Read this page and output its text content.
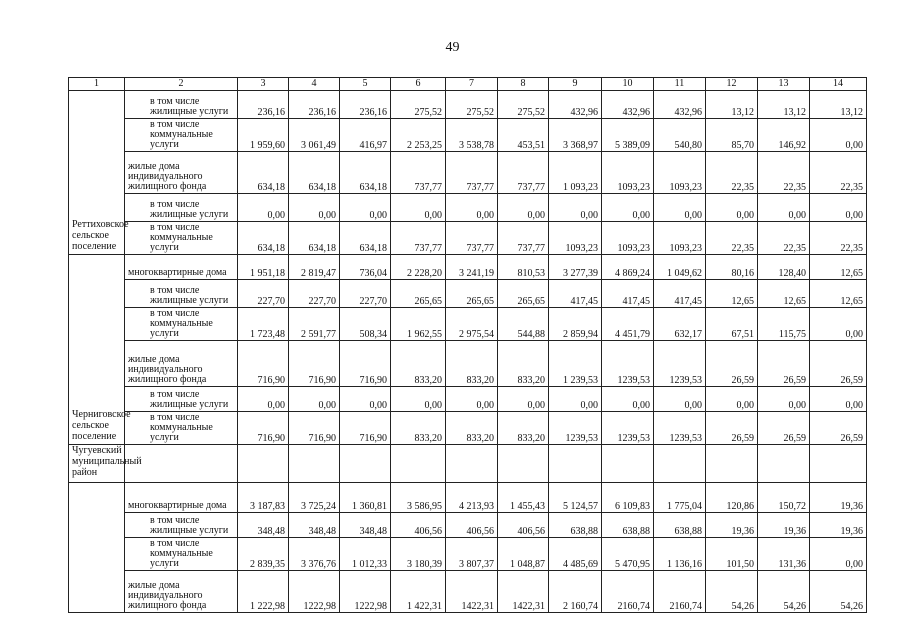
49
1	2	3	4	5	6	7	8	9	10	11	12	13	14
Реттиховское сельское поселение	в том числе жилищные услуги	236,16	236,16	236,16	275,52	275,52	275,52	432,96	432,96	432,96	13,12	13,12	13,12
	в том числе коммунальные услуги	1 959,60	3 061,49	416,97	2 253,25	3 538,78	453,51	3 368,97	5 389,09	540,80	85,70	146,92	0,00
	жилые дома индивидуального жилищного фонда	634,18	634,18	634,18	737,77	737,77	737,77	1 093,23	1093,23	1093,23	22,35	22,35	22,35
	в том числе жилищные услуги	0,00	0,00	0,00	0,00	0,00	0,00	0,00	0,00	0,00	0,00	0,00	0,00
	в том числе коммунальные услуги	634,18	634,18	634,18	737,77	737,77	737,77	1093,23	1093,23	1093,23	22,35	22,35	22,35
Черниговское сельское поселение	многоквартирные дома	1 951,18	2 819,47	736,04	2 228,20	3 241,19	810,53	3 277,39	4 869,24	1 049,62	80,16	128,40	12,65
	в том числе жилищные услуги	227,70	227,70	227,70	265,65	265,65	265,65	417,45	417,45	417,45	12,65	12,65	12,65
	в том числе коммунальные услуги	1 723,48	2 591,77	508,34	1 962,55	2 975,54	544,88	2 859,94	4 451,79	632,17	67,51	115,75	0,00
	жилые дома индивидуального жилищного фонда	716,90	716,90	716,90	833,20	833,20	833,20	1 239,53	1239,53	1239,53	26,59	26,59	26,59
	в том числе жилищные услуги	0,00	0,00	0,00	0,00	0,00	0,00	0,00	0,00	0,00	0,00	0,00	0,00
	в том числе коммунальные услуги	716,90	716,90	716,90	833,20	833,20	833,20	1239,53	1239,53	1239,53	26,59	26,59	26,59
Чугуевский муниципальный район													
	многоквартирные дома	3 187,83	3 725,24	1 360,81	3 586,95	4 213,93	1 455,43	5 124,57	6 109,83	1 775,04	120,86	150,72	19,36
	в том числе жилищные услуги	348,48	348,48	348,48	406,56	406,56	406,56	638,88	638,88	638,88	19,36	19,36	19,36
	в том числе коммунальные услуги	2 839,35	3 376,76	1 012,33	3 180,39	3 807,37	1 048,87	4 485,69	5 470,95	1 136,16	101,50	131,36	0,00
	жилые дома индивидуального жилищного фонда	1 222,98	1222,98	1222,98	1 422,31	1422,31	1422,31	2 160,74	2160,74	2160,74	54,26	54,26	54,26
